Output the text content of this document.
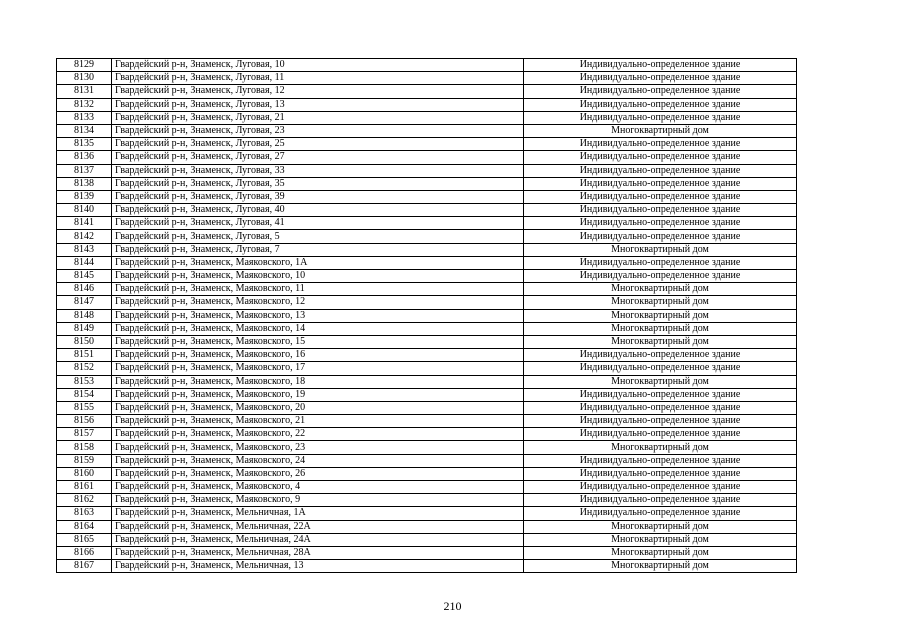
8129	Гвардейский р-н, Знаменск, Луговая, 10	Индивидуально-определенное здание
8130	Гвардейский р-н, Знаменск, Луговая, 11	Индивидуально-определенное здание
8131	Гвардейский р-н, Знаменск, Луговая, 12	Индивидуально-определенное здание
8132	Гвардейский р-н, Знаменск, Луговая, 13	Индивидуально-определенное здание
8133	Гвардейский р-н, Знаменск, Луговая, 21	Индивидуально-определенное здание
8134	Гвардейский р-н, Знаменск, Луговая, 23	Многоквартирный дом
8135	Гвардейский р-н, Знаменск, Луговая, 25	Индивидуально-определенное здание
8136	Гвардейский р-н, Знаменск, Луговая, 27	Индивидуально-определенное здание
8137	Гвардейский р-н, Знаменск, Луговая, 33	Индивидуально-определенное здание
8138	Гвардейский р-н, Знаменск, Луговая, 35	Индивидуально-определенное здание
8139	Гвардейский р-н, Знаменск, Луговая, 39	Индивидуально-определенное здание
8140	Гвардейский р-н, Знаменск, Луговая, 40	Индивидуально-определенное здание
8141	Гвардейский р-н, Знаменск, Луговая, 41	Индивидуально-определенное здание
8142	Гвардейский р-н, Знаменск, Луговая, 5	Индивидуально-определенное здание
8143	Гвардейский р-н, Знаменск, Луговая, 7	Многоквартирный дом
8144	Гвардейский р-н, Знаменск, Маяковского, 1А	Индивидуально-определенное здание
8145	Гвардейский р-н, Знаменск, Маяковского, 10	Индивидуально-определенное здание
8146	Гвардейский р-н, Знаменск, Маяковского, 11	Многоквартирный дом
8147	Гвардейский р-н, Знаменск, Маяковского, 12	Многоквартирный дом
8148	Гвардейский р-н, Знаменск, Маяковского, 13	Многоквартирный дом
8149	Гвардейский р-н, Знаменск, Маяковского, 14	Многоквартирный дом
8150	Гвардейский р-н, Знаменск, Маяковского, 15	Многоквартирный дом
8151	Гвардейский р-н, Знаменск, Маяковского, 16	Индивидуально-определенное здание
8152	Гвардейский р-н, Знаменск, Маяковского, 17	Индивидуально-определенное здание
8153	Гвардейский р-н, Знаменск, Маяковского, 18	Многоквартирный дом
8154	Гвардейский р-н, Знаменск, Маяковского, 19	Индивидуально-определенное здание
8155	Гвардейский р-н, Знаменск, Маяковского, 20	Индивидуально-определенное здание
8156	Гвардейский р-н, Знаменск, Маяковского, 21	Индивидуально-определенное здание
8157	Гвардейский р-н, Знаменск, Маяковского, 22	Индивидуально-определенное здание
8158	Гвардейский р-н, Знаменск, Маяковского, 23	Многоквартирный дом
8159	Гвардейский р-н, Знаменск, Маяковского, 24	Индивидуально-определенное здание
8160	Гвардейский р-н, Знаменск, Маяковского, 26	Индивидуально-определенное здание
8161	Гвардейский р-н, Знаменск, Маяковского, 4	Индивидуально-определенное здание
8162	Гвардейский р-н, Знаменск, Маяковского, 9	Индивидуально-определенное здание
8163	Гвардейский р-н, Знаменск, Мельничная, 1А	Индивидуально-определенное здание
8164	Гвардейский р-н, Знаменск, Мельничная, 22А	Многоквартирный дом
8165	Гвардейский р-н, Знаменск, Мельничная, 24А	Многоквартирный дом
8166	Гвардейский р-н, Знаменск, Мельничная, 28А	Многоквартирный дом
8167	Гвардейский р-н, Знаменск, Мельничная, 13	Многоквартирный дом
210
